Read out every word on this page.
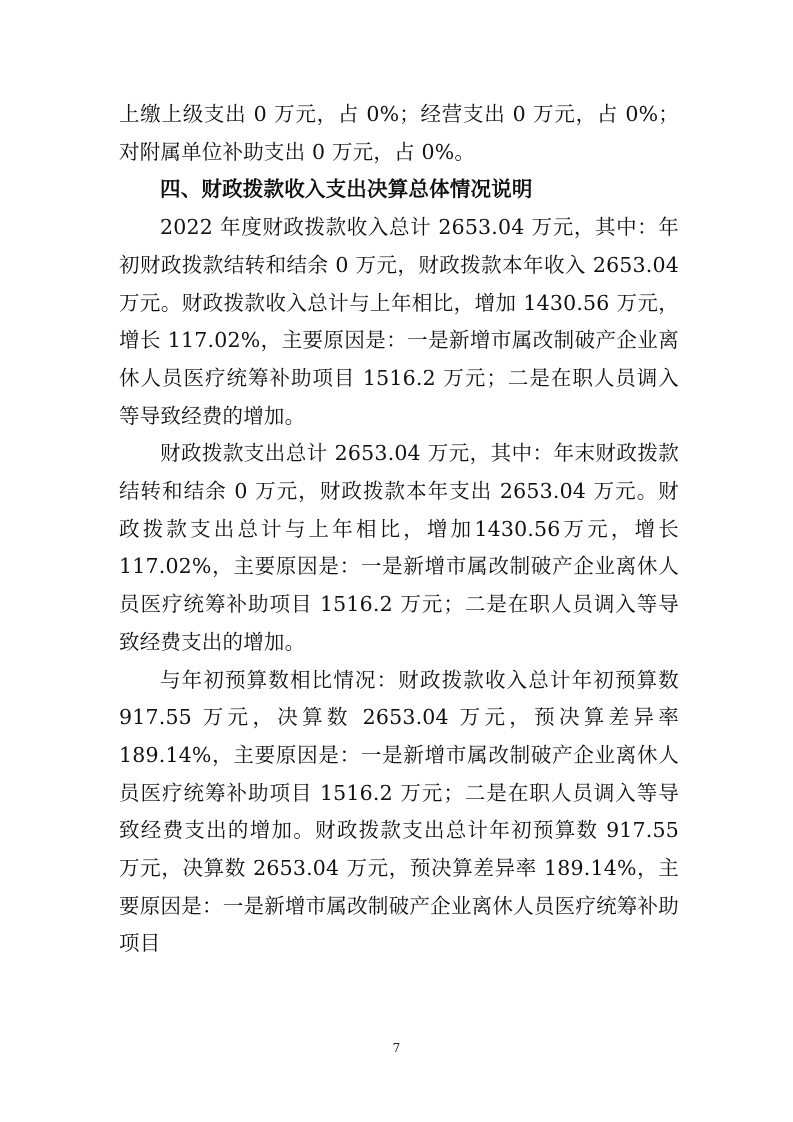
上缴上级支出 0 万元，占 0%；经营支出 0 万元，占 0%；对附属单位补助支出 0 万元，占 0%。

四、财政拨款收入支出决算总体情况说明

2022 年度财政拨款收入总计 2653.04 万元，其中：年初财政拨款结转和结余 0 万元，财政拨款本年收入 2653.04 万元。财政拨款收入总计与上年相比，增加 1430.56 万元，增长 117.02%，主要原因是：一是新增市属改制破产企业离休人员医疗统筹补助项目 1516.2 万元；二是在职人员调入等导致经费的增加。

财政拨款支出总计 2653.04 万元，其中：年末财政拨款结转和结余 0 万元，财政拨款本年支出 2653.04 万元。财政拨款支出总计与上年相比，增加1430.56万元，增长117.02%，主要原因是：一是新增市属改制破产企业离休人员医疗统筹补助项目 1516.2 万元；二是在职人员调入等导致经费支出的增加。

与年初预算数相比情况：财政拨款收入总计年初预算数 917.55 万元，决算数 2653.04 万元，预决算差异率 189.14%，主要原因是：一是新增市属改制破产企业离休人员医疗统筹补助项目 1516.2 万元；二是在职人员调入等导致经费支出的增加。财政拨款支出总计年初预算数 917.55 万元，决算数 2653.04 万元，预决算差异率 189.14%，主要原因是：一是新增市属改制破产企业离休人员医疗统筹补助项目

7
